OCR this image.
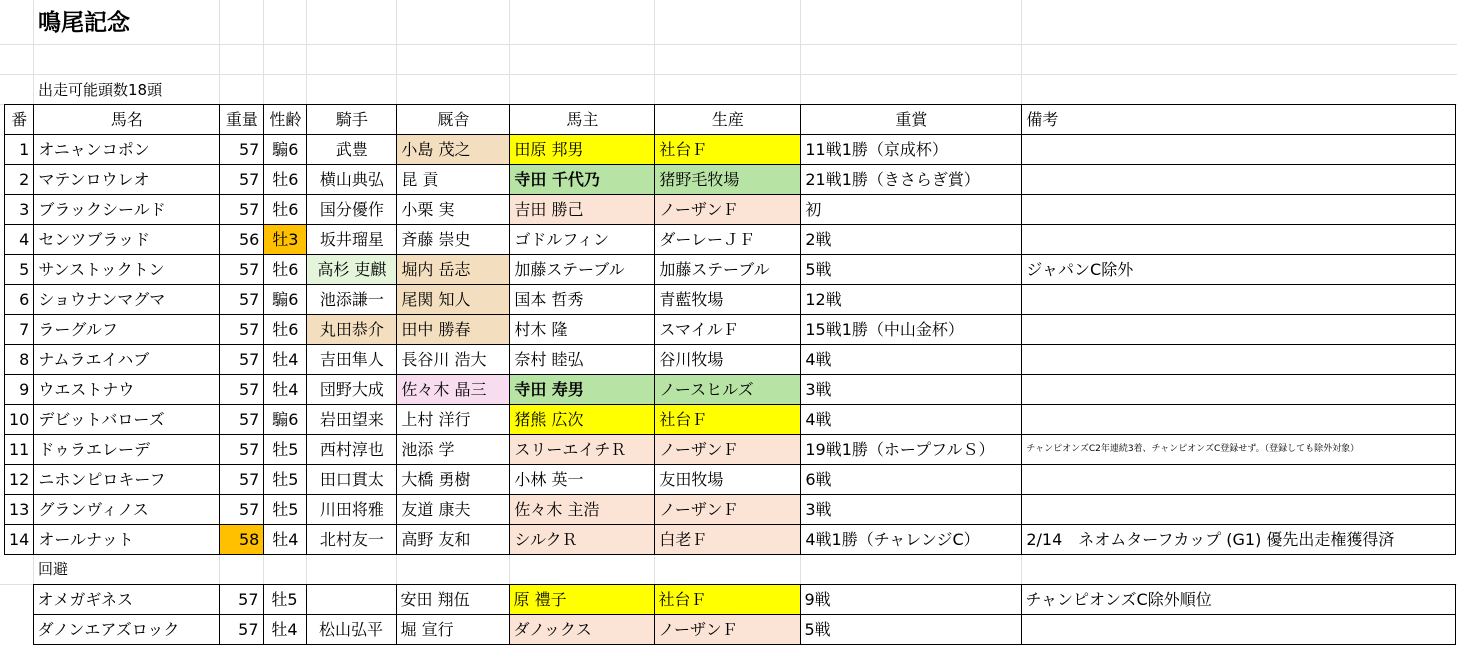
鳴尾記念
出走可能頭数18頭
番	馬名	重量	性齢	騎手	厩舎	馬主	生産	重賞	備考
1	オニャンコポン	57	騸6	武豊	小島 茂之	田原 邦男	社台Ｆ	11戦1勝（京成杯）	
2	マテンロウレオ	57	牡6	横山典弘	昆 貢	寺田 千代乃	猪野毛牧場	21戦1勝（きさらぎ賞）	
3	ブラックシールド	57	牡6	国分優作	小栗 実	吉田 勝己	ノーザンＦ	初	
4	センツブラッド	56	牡3	坂井瑠星	斉藤 崇史	ゴドルフィン	ダーレーＪＦ	2戦	
5	サンストックトン	57	牡6	高杉 吏麒	堀内 岳志	加藤ステーブル	加藤ステーブル	5戦	ジャパンC除外
6	ショウナンマグマ	57	騸6	池添謙一	尾関 知人	国本 哲秀	青藍牧場	12戦	
7	ラーグルフ	57	牡6	丸田恭介	田中 勝春	村木 隆	スマイルＦ	15戦1勝（中山金杯）	
8	ナムラエイハブ	57	牡4	吉田隼人	長谷川 浩大	奈村 睦弘	谷川牧場	4戦	
9	ウエストナウ	57	牡4	団野大成	佐々木 晶三	寺田 寿男	ノースヒルズ	3戦	
10	デビットバローズ	57	騸6	岩田望来	上村 洋行	猪熊 広次	社台Ｆ	4戦	
11	ドゥラエレーデ	57	牡5	西村淳也	池添 学	スリーエイチＲ	ノーザンＦ	19戦1勝（ホープフルＳ）	チャンピオンズC2年連続3着、チャンピオンズC登録せず。（登録しても除外対象）
12	ニホンピロキーフ	57	牡5	田口貫太	大橋 勇樹	小林 英一	友田牧場	6戦	
13	グランヴィノス	57	牡5	川田将雅	友道 康夫	佐々木 主浩	ノーザンＦ	3戦	
14	オールナット	58	牡4	北村友一	高野 友和	シルクＲ	白老Ｆ	4戦1勝（チャレンジC）	2/14　ネオムターフカップ (G1) 優先出走権獲得済
回避
	オメガギネス	57	牡5		安田 翔伍	原 禮子	社台Ｆ	9戦	チャンピオンズC除外順位
	ダノンエアズロック	57	牡4	松山弘平	堀 宣行	ダノックス	ノーザンＦ	5戦	
